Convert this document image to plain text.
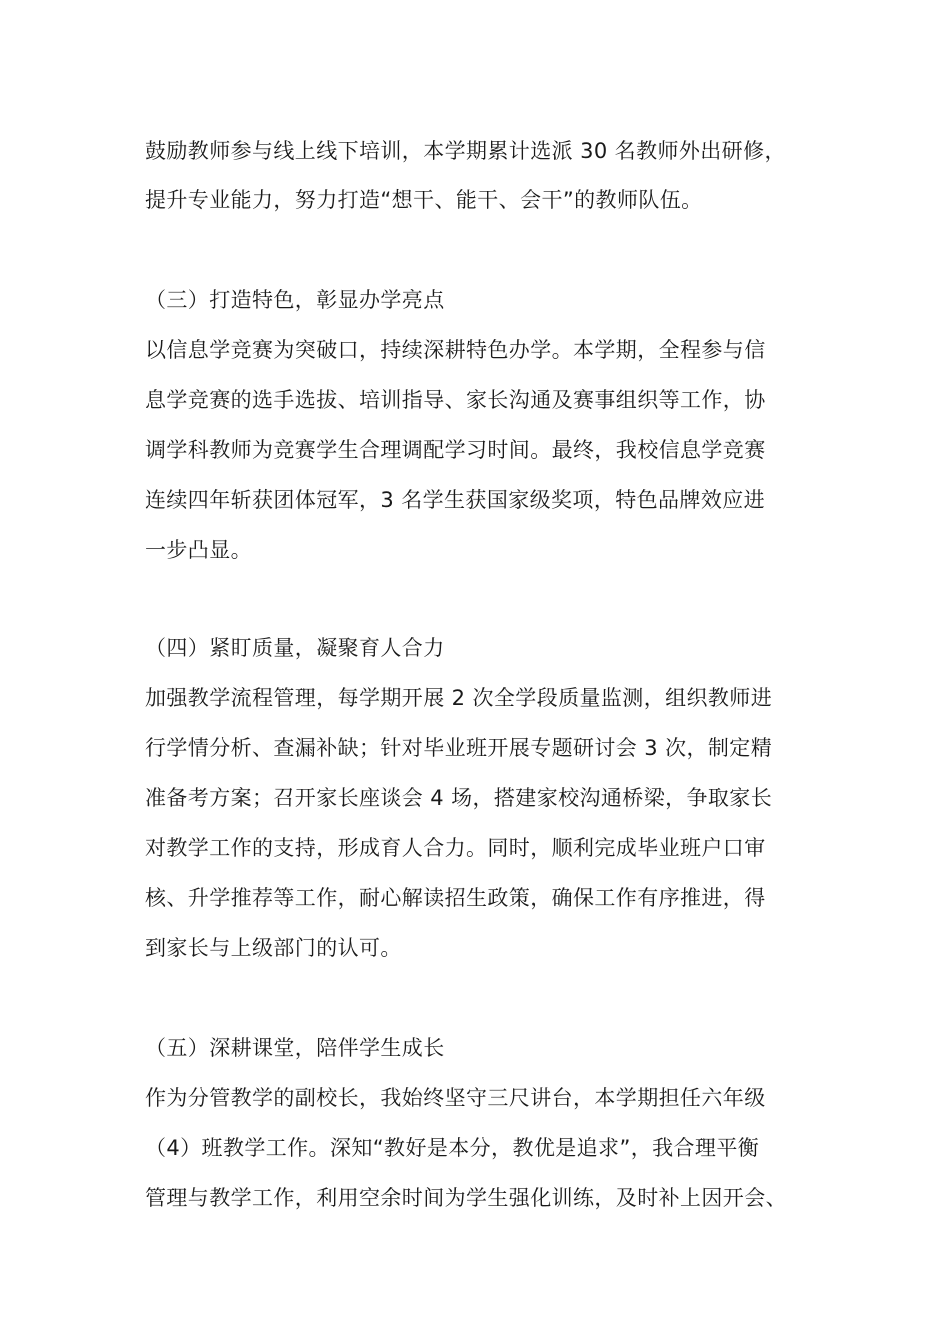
鼓励教师参与线上线下培训，本学期累计选派 30 名教师外出研修，
提升专业能力，努力打造“想干、能干、会干”的教师队伍。
（三）打造特色，彰显办学亮点
以信息学竞赛为突破口，持续深耕特色办学。本学期，全程参与信
息学竞赛的选手选拔、培训指导、家长沟通及赛事组织等工作，协
调学科教师为竞赛学生合理调配学习时间。最终，我校信息学竞赛
连续四年斩获团体冠军，3 名学生获国家级奖项，特色品牌效应进
一步凸显。
（四）紧盯质量，凝聚育人合力
加强教学流程管理，每学期开展 2 次全学段质量监测，组织教师进
行学情分析、查漏补缺；针对毕业班开展专题研讨会 3 次，制定精
准备考方案；召开家长座谈会 4 场，搭建家校沟通桥梁，争取家长
对教学工作的支持，形成育人合力。同时，顺利完成毕业班户口审
核、升学推荐等工作，耐心解读招生政策，确保工作有序推进，得
到家长与上级部门的认可。
（五）深耕课堂，陪伴学生成长
作为分管教学的副校长，我始终坚守三尺讲台，本学期担任六年级
（4）班教学工作。深知“教好是本分，教优是追求”，我合理平衡
管理与教学工作，利用空余时间为学生强化训练，及时补上因开会、
